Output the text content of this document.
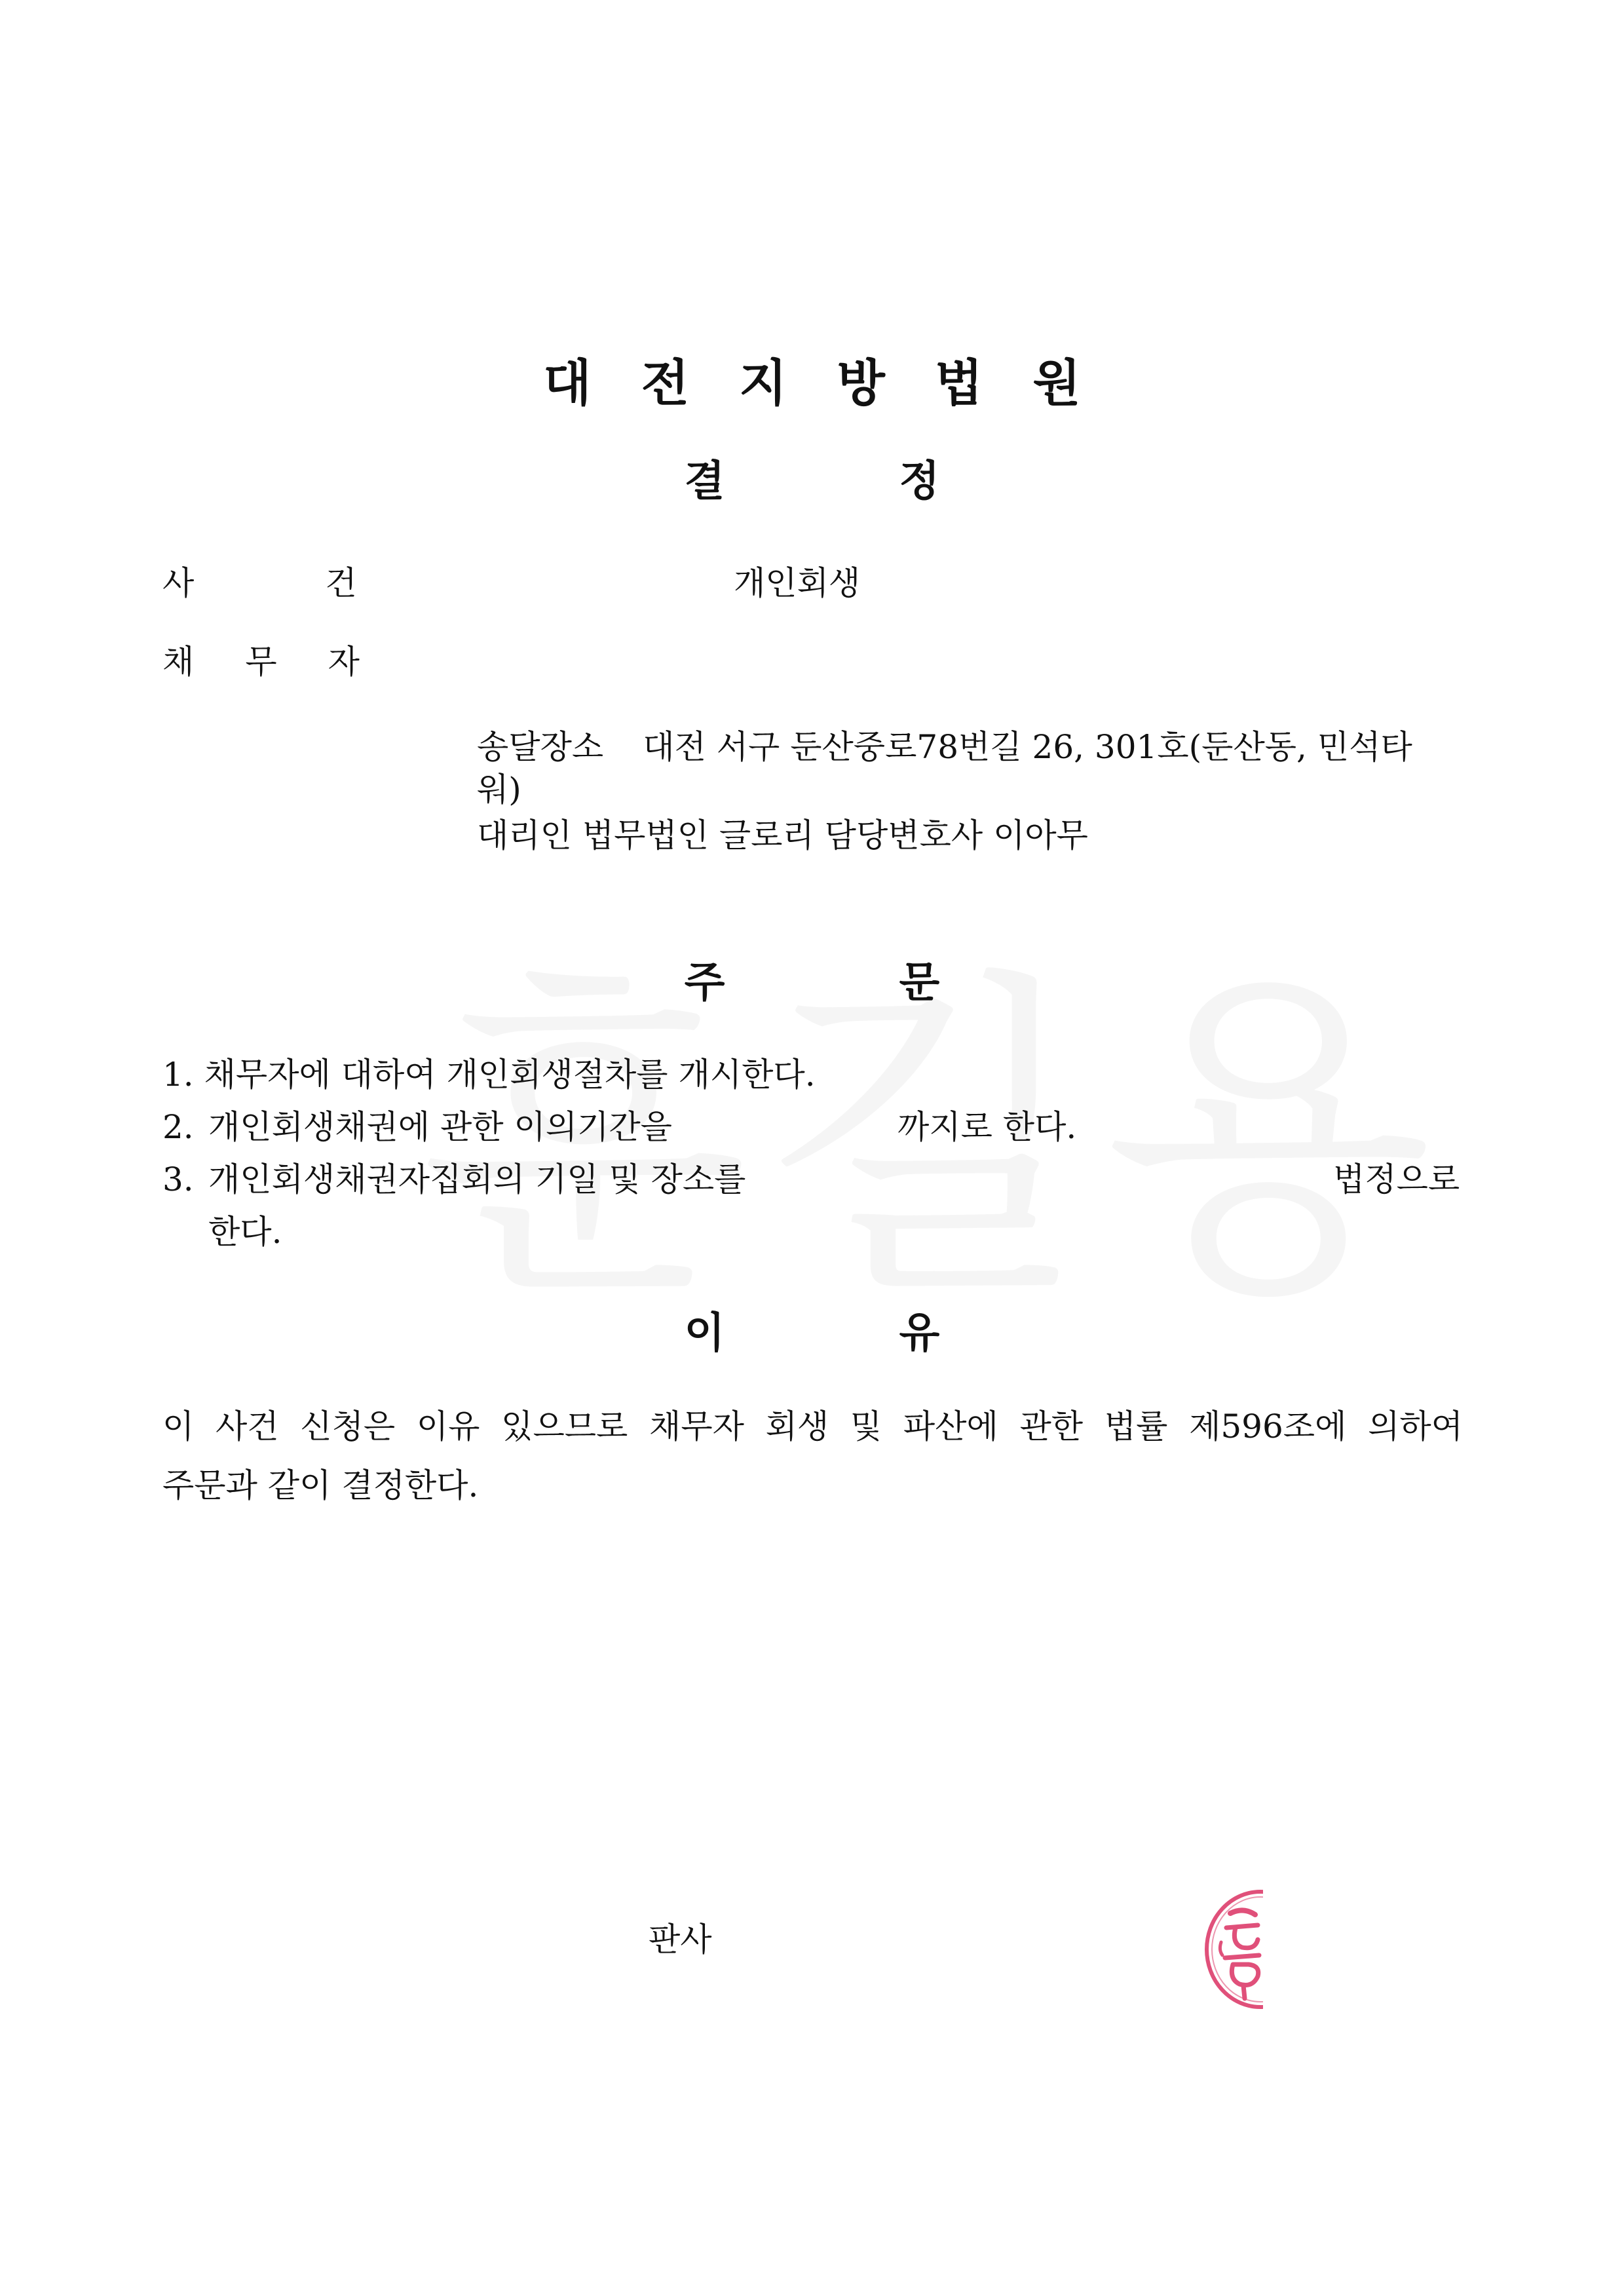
대 전 지 방 법 원
결	정
사	건	개인회생
채 무 자
송달장소 대전 서구 둔산중로78번길 26, 301호(둔산동, 민석타
워)
대리인 법무법인 글로리 담당변호사 이아무
주	문
1. 채무자에 대하여 개인회생절차를 개시한다.
2. 개인회생채권에 관한 이의기간을	까지로 한다.
3. 개인회생채권자집회의 기일 및 장소를	법정으로
한다.
이	유
이 사건 신청은 이유 있으므로 채무자 회생 및 파산에 관한 법률 제596조에 의하여
주문과 같이 결정한다.
판사
